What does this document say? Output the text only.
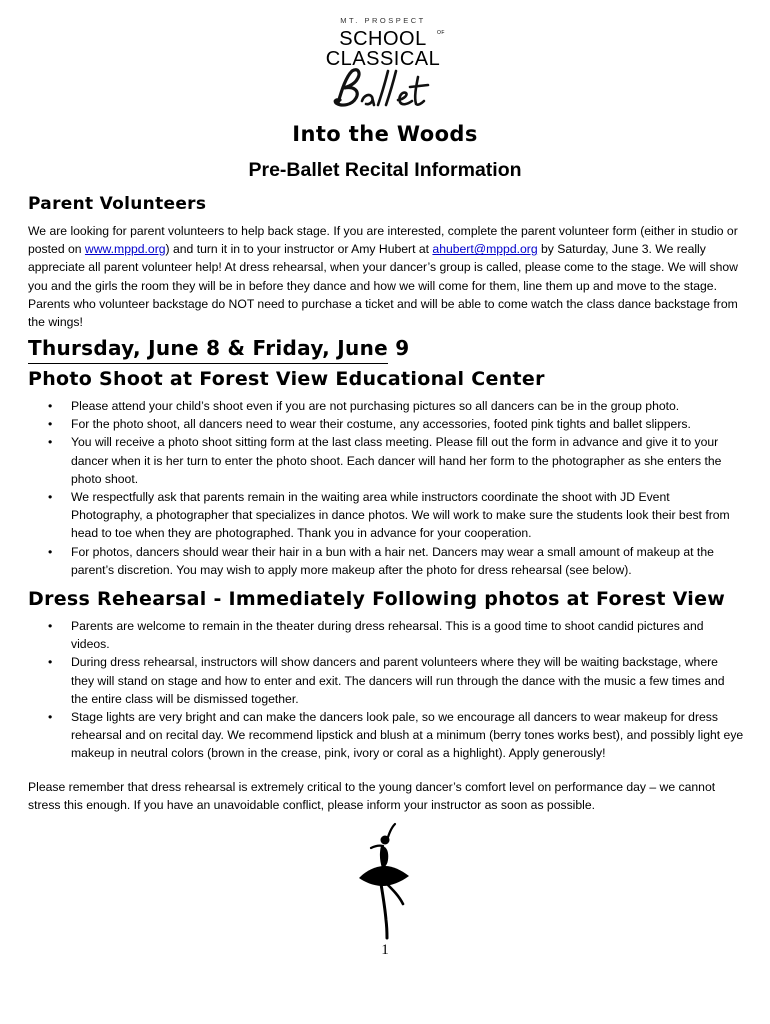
MT. PROSPECT
SCHOOL OF
CLASSICAL
Into the Woods
Pre-Ballet Recital Information
Parent Volunteers
We are looking for parent volunteers to help back stage. If you are interested, complete the parent volunteer form (either in studio or posted on www.mppd.org) and turn it in to your instructor or Amy Hubert at ahubert@mppd.org by Saturday, June 3. We really appreciate all parent volunteer help! At dress rehearsal, when your dancer’s group is called, please come to the stage. We will show you and the girls the room they will be in before they dance and how we will come for them, line them up and move to the stage. Parents who volunteer backstage do NOT need to purchase a ticket and will be able to come watch the class dance backstage from the wings!
Thursday, June 8 & Friday, June 9
Photo Shoot at Forest View Educational Center
• Please attend your child’s shoot even if you are not purchasing pictures so all dancers can be in the group photo.
• For the photo shoot, all dancers need to wear their costume, any accessories, footed pink tights and ballet slippers.
• You will receive a photo shoot sitting form at the last class meeting. Please fill out the form in advance and give it to your dancer when it is her turn to enter the photo shoot. Each dancer will hand her form to the photographer as she enters the photo shoot.
• We respectfully ask that parents remain in the waiting area while instructors coordinate the shoot with JD Event Photography, a photographer that specializes in dance photos. We will work to make sure the students look their best from head to toe when they are photographed. Thank you in advance for your cooperation.
• For photos, dancers should wear their hair in a bun with a hair net. Dancers may wear a small amount of makeup at the parent’s discretion. You may wish to apply more makeup after the photo for dress rehearsal (see below).
Dress Rehearsal - Immediately Following photos at Forest View
• Parents are welcome to remain in the theater during dress rehearsal. This is a good time to shoot candid pictures and videos.
• During dress rehearsal, instructors will show dancers and parent volunteers where they will be waiting backstage, where they will stand on stage and how to enter and exit. The dancers will run through the dance with the music a few times and the entire class will be dismissed together.
• Stage lights are very bright and can make the dancers look pale, so we encourage all dancers to wear makeup for dress rehearsal and on recital day. We recommend lipstick and blush at a minimum (berry tones works best), and possibly light eye makeup in neutral colors (brown in the crease, pink, ivory or coral as a highlight). Apply generously!
Please remember that dress rehearsal is extremely critical to the young dancer’s comfort level on performance day – we cannot stress this enough. If you have an unavoidable conflict, please inform your instructor as soon as possible.
1
